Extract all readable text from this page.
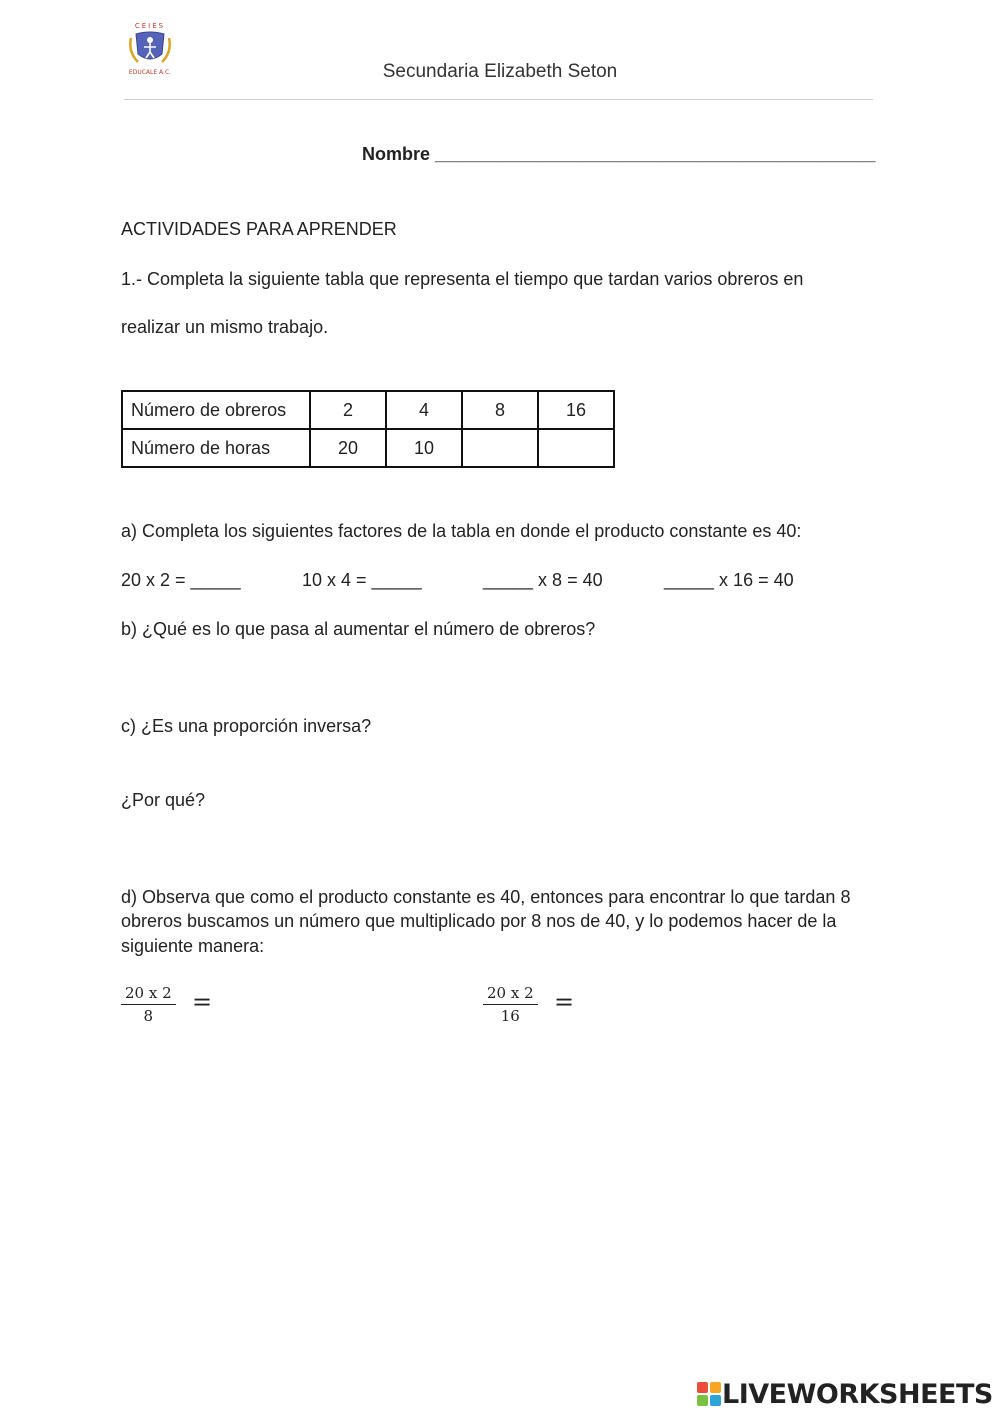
CEIES
EDUCALE A.C.	Secundaria Elizabeth Seton
Nombre ____________________________________________
ACTIVIDADES PARA APRENDER
1.- Completa la siguiente tabla que representa el tiempo que tardan varios obreros en
realizar un mismo trabajo.
Número de obreros	2	4	8	16
Número de horas	20	10		
a) Completa los siguientes factores de la tabla en donde el producto constante es 40:
20 x 2 = _____	10 x 4 = _____	_____ x 8 = 40	_____ x 16 = 40
b) ¿Qué es lo que pasa al aumentar el número de obreros?
c) ¿Es una proporción inversa?
¿Por qué?
d) Observa que como el producto constante es 40, entonces para encontrar lo que tardan 8
obreros buscamos un número que multiplicado por 8 nos de 40, y lo podemos hacer de la
siguiente manera:
$\frac{20 x 2}{8}$ =	$\frac{20 x 2}{16}$ =
LIVEWORKSHEETS
